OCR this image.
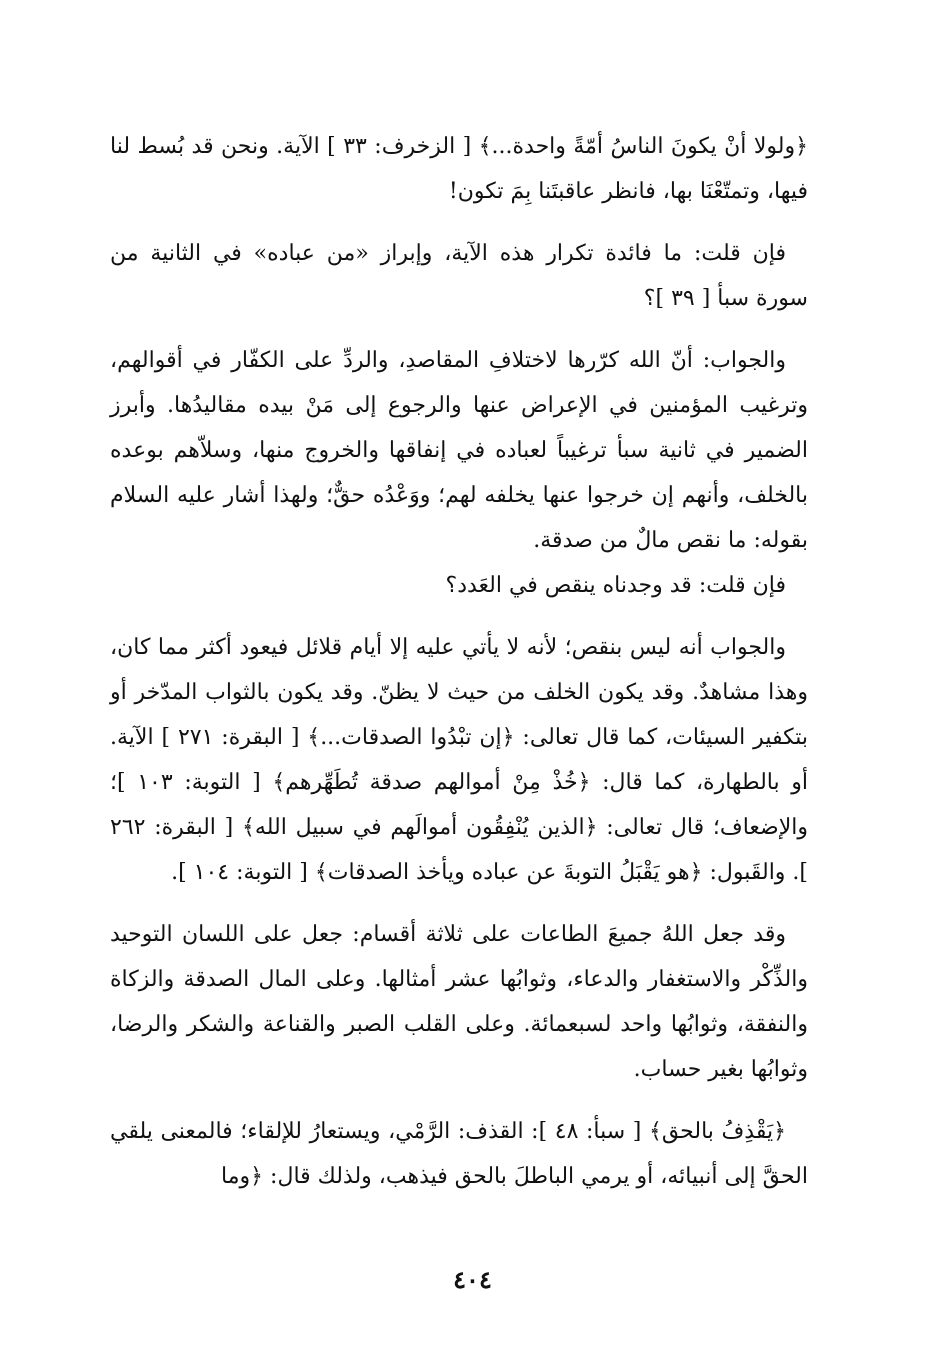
﴿ولولا أنْ يكونَ الناسُ أمّةً واحدة...﴾ [ الزخرف: ٣٣ ] الآية. ونحن قد بُسط لنا فيها، وتمتّعْنَا بها، فانظر عاقبتَنا بِمَ تكون!

فإن قلت: ما فائدة تكرار هذه الآية، وإبراز «من عباده» في الثانية من سورة سبأ [ ٣٩ ]؟

والجواب: أنّ الله كرّرها لاختلافِ المقاصدِ، والردِّ على الكفّار في أقوالهم، وترغيب المؤمنين في الإعراض عنها والرجوع إلى مَنْ بيده مقاليدُها. وأبرز الضمير في ثانية سبأ ترغيباً لعباده في إنفاقها والخروج منها، وسلاّهم بوعده بالخلف، وأنهم إن خرجوا عنها يخلفه لهم؛ ووَعْدُه حقٌّ؛ ولهذا أشار عليه السلام بقوله: ما نقص مالٌ من صدقة.

فإن قلت: قد وجدناه ينقص في العَدد؟

والجواب أنه ليس بنقص؛ لأنه لا يأتي عليه إلا أيام قلائل فيعود أكثر مما كان، وهذا مشاهدٌ. وقد يكون الخلف من حيث لا يظنّ. وقد يكون بالثواب المدّخر أو بتكفير السيئات، كما قال تعالى: ﴿إن تبْدُوا الصدقات...﴾ [ البقرة: ٢٧١ ] الآية. أو بالطهارة، كما قال: ﴿خُذْ مِنْ أموالهم صدقة تُطَهِّرهم﴾ [ التوبة: ١٠٣ ]؛ والإضعاف؛ قال تعالى: ﴿الذين يُنْفِقُون أموالَهم في سبيل الله﴾ [ البقرة: ٢٦٢ ]. والقَبول: ﴿هو يَقْبَلُ التوبةَ عن عباده ويأخذ الصدقات﴾ [ التوبة: ١٠٤ ].

وقد جعل اللهُ جميعَ الطاعات على ثلاثة أقسام: جعل على اللسان التوحيد والذِّكْر والاستغفار والدعاء، وثوابُها عشر أمثالها. وعلى المال الصدقة والزكاة والنفقة، وثوابُها واحد لسبعمائة. وعلى القلب الصبر والقناعة والشكر والرضا، وثوابُها بغير حساب.

﴿يَقْذِفُ بالحق﴾ [ سبأ: ٤٨ ]: القذف: الرَّمْي، ويستعارُ للإلقاء؛ فالمعنى يلقي الحقَّ إلى أنبيائه، أو يرمي الباطلَ بالحق فيذهب، ولذلك قال: ﴿وما

٤٠٤
